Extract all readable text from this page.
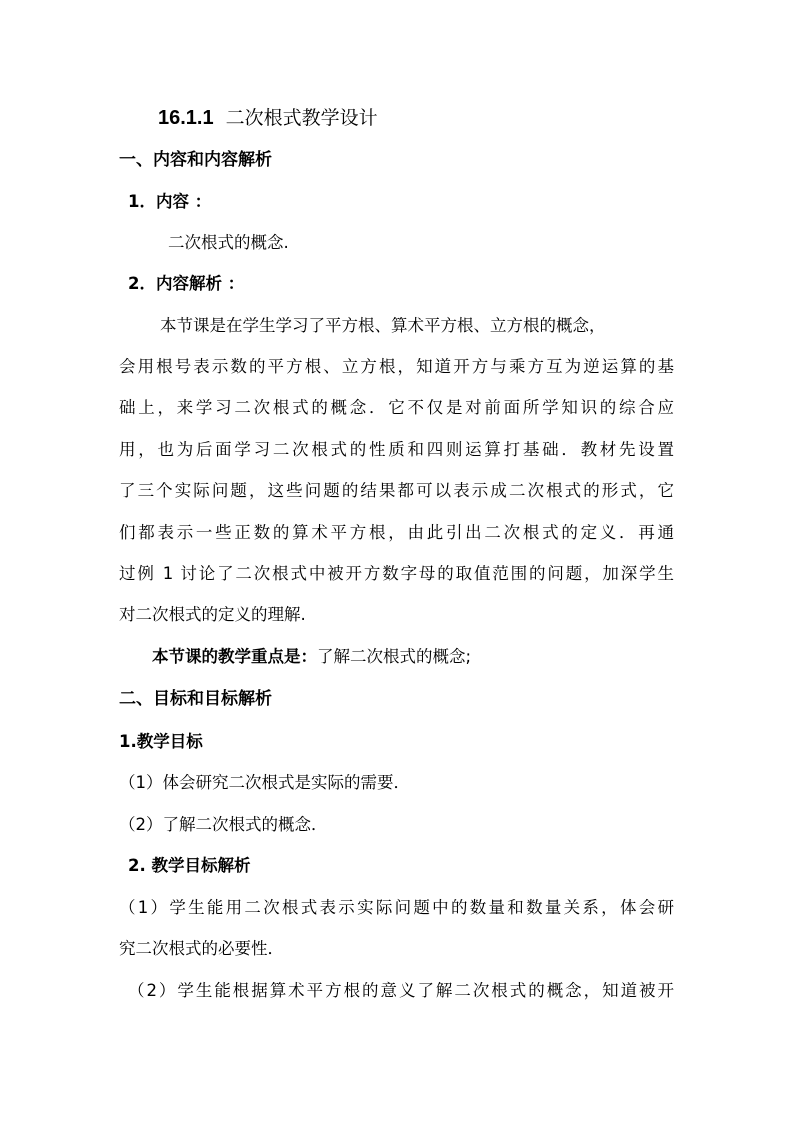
16.1.1 二次根式教学设计
一、内容和内容解析
1．内容 ：
二次根式的概念.
2．内容解析 ：
本节课是在学生学习了平方根、算术平方根、立方根的概念，
会用根号表示数的平方根、立方根，知道开方与乘方互为逆运算的基
础上，来学习二次根式的概念．它不仅是对前面所学知识的综合应
用，也为后面学习二次根式的性质和四则运算打基础．教材先设置
了三个实际问题，这些问题的结果都可以表示成二次根式的形式，它
们都表示一些正数的算术平方根，由此引出二次根式的定义．再通
过例 1 讨论了二次根式中被开方数字母的取值范围的问题，加深学生
对二次根式的定义的理解.
本节课的教学重点是：了解二次根式的概念;
二、目标和目标解析
1.教学目标
（1）体会研究二次根式是实际的需要．
（2）了解二次根式的概念．
2. 教学目标解析
（1）学生能用二次根式表示实际问题中的数量和数量关系，体会研
究二次根式的必要性．
（2）学生能根据算术平方根的意义了解二次根式的概念，知道被开
